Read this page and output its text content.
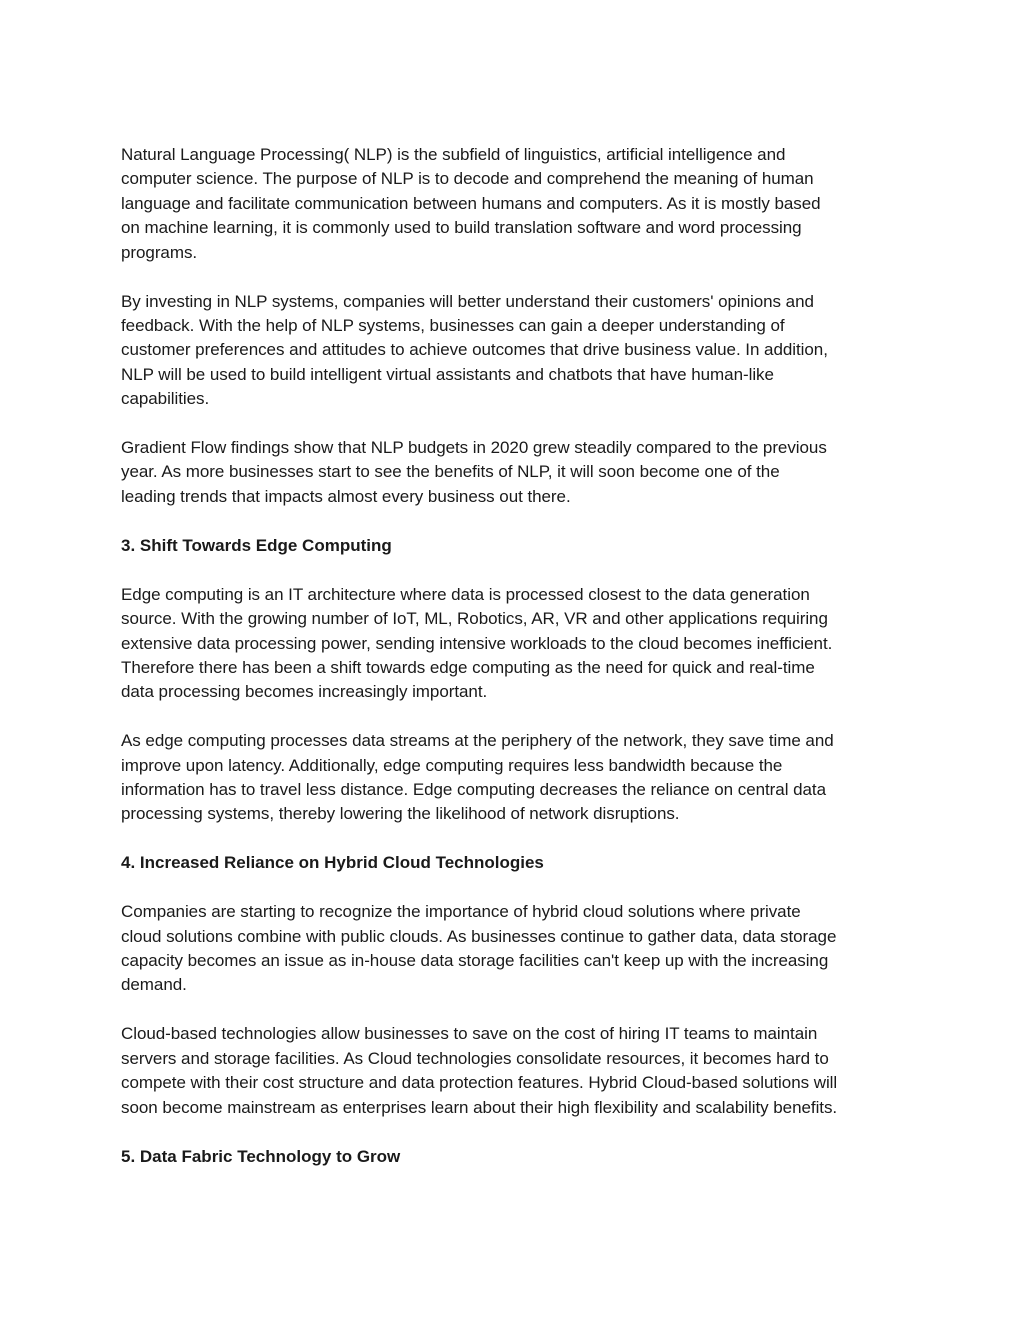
Natural Language Processing( NLP) is the subfield of linguistics, artificial intelligence and
computer science. The purpose of NLP is to decode and comprehend the meaning of human
language and facilitate communication between humans and computers. As it is mostly based
on machine learning, it is commonly used to build translation software and word processing
programs.

By investing in NLP systems, companies will better understand their customers' opinions and
feedback. With the help of NLP systems, businesses can gain a deeper understanding of
customer preferences and attitudes to achieve outcomes that drive business value. In addition,
NLP will be used to build intelligent virtual assistants and chatbots that have human-like
capabilities.

Gradient Flow findings show that NLP budgets in 2020 grew steadily compared to the previous
year. As more businesses start to see the benefits of NLP, it will soon become one of the
leading trends that impacts almost every business out there.

3. Shift Towards Edge Computing

Edge computing is an IT architecture where data is processed closest to the data generation
source. With the growing number of IoT, ML, Robotics, AR, VR and other applications requiring
extensive data processing power, sending intensive workloads to the cloud becomes inefficient.
Therefore there has been a shift towards edge computing as the need for quick and real-time
data processing becomes increasingly important.

As edge computing processes data streams at the periphery of the network, they save time and
improve upon latency. Additionally, edge computing requires less bandwidth because the
information has to travel less distance. Edge computing decreases the reliance on central data
processing systems, thereby lowering the likelihood of network disruptions.

4. Increased Reliance on Hybrid Cloud Technologies

Companies are starting to recognize the importance of hybrid cloud solutions where private
cloud solutions combine with public clouds. As businesses continue to gather data, data storage
capacity becomes an issue as in-house data storage facilities can't keep up with the increasing
demand.

Cloud-based technologies allow businesses to save on the cost of hiring IT teams to maintain
servers and storage facilities. As Cloud technologies consolidate resources, it becomes hard to
compete with their cost structure and data protection features. Hybrid Cloud-based solutions will
soon become mainstream as enterprises learn about their high flexibility and scalability benefits.

5. Data Fabric Technology to Grow
